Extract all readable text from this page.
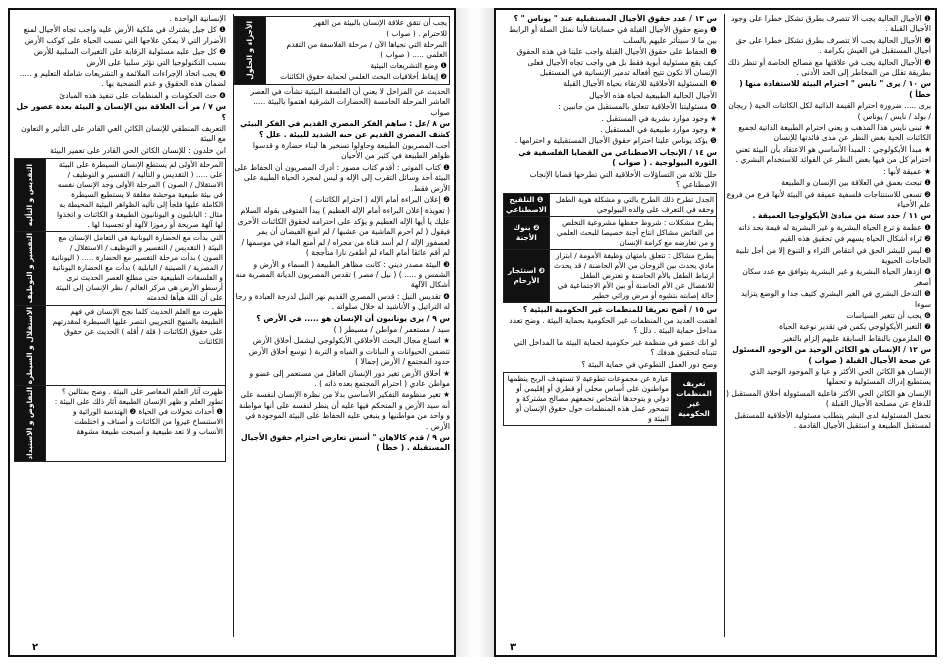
يجب أن تتقق علاقة الإنسان بالبيئة من القهر

للاحترام . ( صواب )

المرحلة التي نحياها الآن / مرحلة الفلاسفة من التقدم العلمي ..... ( صواب )

❶ وضع التشريعات البيئية

❷ إيقاظ أخلاقيات البحث العلمي لحماية حقوق الكائنات

الأجزاء و الحلول

الحديث عن المراحل لا يعني أن الفلسفة البيئية نشأت في العصر العاشر المرحلة الخامسة (الحضارات الشرقية اهتموا بالبيئة ..... صواب

س ٨ /عل : ساهم الفكر المصري القديم في الفكر البيئي كشف المصري القديم عن حبه الشديد للبيئة . علل ؟

أحب المصريون الطبيعة وحاولوا تسخير ها لبناء حضارة و قدسوا ظواهر الطبيعة في كثير من الأحيان

❶ كتاب الموتى : أقدم كتاب مصور : أدرك المصريون أن الحفاظ على البيئة أحد وسائل التقرب إلى الإله و ليس لمجرد الحياة الطيبة على الأرض فقط.

❷ إعلان البراءة أمام الإله ( احترام الكائنات )

( تعويذة إعلان البراءة أمام الإله العظيم ) يبدأ المتوفى بقوله السلام عليك يا أيها الإله العظيم و يؤكد على احترامه لحقوق الكائنات الأخرى فيقول ( لم احرم الماشية من عشبها / لم امنع الفيضان أن يمر لعصفور الإله / لم أسد قناة من مجراه / لم أمنع الماء في موسمها / لم أقم عائقا أمام الماء لم أطفئ نارا متأججة )

❸ البيئة مصدر ديني : كانت مظاهر الطبيعة ( السماء و الأرض و الشمس و ..... ) ( نيل / مصر ) تقدس المصريون الديانة المصرية منه أشكال الآلهة

❹ تقديس النيل : قدس المصري القديم نهر النيل لدرجة العبادة و رجا له التراتيل و الأناشيد له خلال صلواته .

س ٩ / يرى يونانيون أن الإنسان هو ..... في الأرض ؟

سيد / مستعمر / مواطن / مسيطر ( )

★ اتساع مجال البحث الأخلاقي الأيكولوجي ليشمل أخلاق الأرض تتضمن الحيوانات و النباتات و المياه و التربة ( توسع أخلاق الأرض حدود المجتمع / الأرض إجمالا )

★ أخلاق الأرض تغير دور الإنسان العاقل من مستعمر إلى عضو و مواطن عادي ( احترام المجتمع بعده ذاته ) .

★ تغير منظومة التفكير الأساسي بدلا من نظرة الإنسان لنفسه على أنه سيد الأرض و المتحكم فيها عليه أن ينظر لنفسه على أنها مواطنة و واحد من مواطنيها و ينبغي عليه الحفاظ على البيئة الموجودة في الأرض .

س ٩ / قدم كالاهان " أسس تعارض احترام حقوق الأجيال المستقبلة . ( خطأ )

الإنسانية الواحدة .

❶ كل جيل يشترك في ملكية الأرض عليه واجب تجاه الأجيال لمنع الأضرار التي لا يمكن علاجها التي تسبب الحياة على كوكب الأرض

❷ كل جيل عليه مسئولية الرقابة على التغيرات السلبية للأرض بسبب التكنولوجيا التي تؤثر سلبيا على الأرض

❸ يجب اتخاذ الإجراءات الملائمة و التشريعات شاملة التعليم و ..... لضمان هذه الحقوق و عدم التضحية بها .

❹ حث الحكومات و المنظمات على تنفيذ هذه المبادئ

س ٧ / مر أت العلاقة بين الإنسان و البيئة بعدة عصور حل ؟

التعريف المنطقي للإنسان الكائن العي القادر على التأثير و التعاون مع البيئة

ابن خلدون : للإنسان الكائن الحي القادر على تعمير البيئة

المرحلة الأولى لم يستطع الإنسان السيطرة على البيئة على ..... ( التقديس و التأليه / التفسير و التوظيف / الاستقلال / الصون ) المرحلة الأولى وجد الإنسان نفسه في بيئة طبيعية موحشة مقلقة لا يستطيع السيطرة الكاملة عليها فلجأ إلى تأليه الظواهر البيئية المحيطة به مثال : البابليون و اليونانيون الطبيعة و الكائنات و اتخذوا لها آلهة صريحة أو رموزا لآلهة أو تجسيدا لها .	التقديس و التأليه

التي بدأت مع الحضارة اليونانية في التعامل الإنسان مع البيئة ( التقديس / التفسير و التوظيف / الاستقلال / الصون ) بدأت مرحلة التفسير مع الحضارة ..... ( اليونانية / المصرية / الصينية / البابلية ) بدأت مع الحضارة اليونانية و الفلسفات الطبيعية حتى مطلع العصر الحديث نرى أرسطو الأرض هي مركز العالم / نظر الإنسان إلى البيئة على أن الله هيأها لخدمته	التفسير و التوظيف

ظهرت مع العلم الحديث كلما نجح الإنسان في فهم الطبيعة بالمنهج التجريبي انتصر عليها السيطرة لمقدرتهم على حقوق الكائنات ( قلة / أقله ) الحديث عن حقوق الكائنات	الاستقلال و السيطرة

ظهرت آثار العلم المعاصر على البيئة . وضح بمثالين ؟ تطور العلم و ظهر الإنسان الطبيعة آثار ذلك على البيئة : ❶ أحداث تحولات في الحياة ❷ الهندسة الوراثية و الاستنساخ غيروا من الكائنات و أصناف و اختلطت الأنساب و لا تعد طبيعية و أصبحت طبيعة مشوهة	التفاوض و الاستبداد
٢

❶ الأجيال الحالية يجب ألا تتصرف بطرق تشكل خطرا على وجود الأجيال القبلة .

❷ الأجيال الحالية يجب ألا تتصرف بطرق تشكل خطرا على حق أجيال المستقبل في العيش بكرامة .

❸ الأجيال الحالية يجب في علاقتها مع مصالح الخاصة أو تنظر ذلك بطريقة تقلل من المخاطر إلى الحد الأدنى .

س ١٠ / يرى " نايس " احترام البيئة للاستفادة منها ( خطأ )

يرى ..... ضرورة احترام القيمة الذاتية لكل الكائنات الحية ( ريجان / بولد / نايس / يوناس )

★ تبنى نايس هذا المذهب و يعني احترام الطبيعة الذاتية لجميع الكائنات الحية بغض النظر عن مدى فائدتها للإنسان

★ مبدأ الأيكولوجي : المبدأ الأساسي هو الاعتقاد بأن البيئة تعني احترام كل من فيها بغض النظر عن الفوائد للاستخدام البشري .

★ عميقة لأنها :

❶ تبحث بعمق في العلاقة بين الإنسان و الطبيعة

❷ تسعى للاستنتاجات فلسفية عميقة في البيئة لأنها فرع من فروع علم الأحياء

س ١١ / حدد ستة من مبادئ الأيكولوجيا العميقة .

❶ عظمة و ترع الحياة البشرية و غير البشرية له قيمة بحد ذاته

❷ ثراء أشكال الحياة يسهم في تحقيق هذه القيم

❸ ليس للبشر الحق في انتقاص الثراء و التنوع إلا من أجل تلبية الحاجات الحيوية

❹ ازدهار الحياة البشرية و غير البشرية يتوافق مع عدد سكان أصغر

❺ التدخل البشري في الغير البشري كثيف جدا و الوضع يتزايد سوءا

❻ يجب أن تتغير السياسات

❼ التغير الأيكولوجي يكمن في تقدير نوعية الحياة

❽ الملزمون بالنقاط السابقة عليهم إلزام بالتغير

س ١٢ / الإنسان هو الكائن الوحيد من الوجود المسئول عن صحة الأجيال القبلة ( صواب )

الإنسان هو الكائن الحي الأكثر و عيا و الموجود الوحيد الذي يستطيع إدراك المسئولية و تحملها

الإنسان هو الكائن الحي الأكثر فاعلية المسئوولة أخلاق المستقبل ( للدفاع عن مصلحة الأجيال القبلة )

تحمل المسئولية لدى البشر يتطلب مسئولية الأخلاقية للمستقبل لمستقبل الطبيعة و استقبل الأجيال القادمة .

س ١٣ / عدد حقوق الأجيال المستقبلية عند " يوناس " ؟

❶ وضع حقوق الأجيال القبلة في حساباتنا لأننا نمثل الصلة أو الرابط بين ما لا سيتأثر عليهم بالسلب

❷ الحفاظ على حقوق الأجيال القبلة واجب علينا في هذه الحقوق كيف يقع مسئولية أبوية فقط بل هي واجب تجاه الأجيال فعلى الإنسان ألا تكون تتيح أفعاله تدمير الإنسانية في المستقبل

❸ المسئولية الأخلاقية للارتقاء بحياة الأجيال القبلة

الأجيال الحالية الطبيعية لحياة هذه الأجيال

❹ مسئوليتنا الأخلاقية تتعلق بالمستقبل من جانبين :

★ وجود موارد بشرية في المستقبل .

★ وجود موارد طبيعية في المستقبل .

❺ يؤكد يوناس علينا احترام حقوق الأجيال المستقبلية و احترامها .

س ١٤ / الإنجاب الاصطناعي من القضايا الفلسفية في الثورة البيولوجية . ( صواب )

حلل ثلاثة من التساؤلات الأخلاقية التي تطرحها قضايا الإنجاب الاصطناعي ؟

الجدل تطرح ذلك الطرح بالتي و مشكلة هوية الطفل وحقه في التعرف على والده البيولوجي	❶ التلقيح الاصطناعي
يطرح مشكلات : شروط حفظها مشروعية التخلص من الفائض مشاكل انتاج أجنة خصيصا للبحث العلمي و من تعارضه مع كرامة الإنسان	❷ بنوك الأجنة
يطرح مشاكل : تتعلق بامتهان وظيفة الأمومة / ابتزاز مادي يحدث بين الزوجان من الأم الحاضنة / قد يحدث ارتباط الطفل بالأم الحاضنة و تعترض الطفل للانفصال عن الأم الحاضنة أو بين الأم الاجتماعية في حالة إصابته بتشوه أو مرض وراثي خطير	❸ استئجار الأرحام

س ١٥ / أضح تعريفا للمنظمات غير الحكومية البيئية ؟

اهتمت العديد من المنظمات غير الحكومية بحماية البيئة . وضح تعدد مداخل حماية البيئة . دلل ؟

لو انك عضو في منظمة غير حكومية لحماية البيئة ما المداخل التي تتبناه لتحقيق هدفك ؟

وضح دور العمل التطوعي في حماية البيئة ؟

تعريف المنظمات غير الحكومية	عبارة عن مجموعات تطوعية لا تستهدف الربح ينظمها مواطنون على أساس محلي أو قطري أو إقليمي أو دولي و يتوحدها أشخاص تجمعهم مصالح مشتركة و تتمحور عمل هذه المنظمات حول حقوق الإنسان أو البيئة و
٣
